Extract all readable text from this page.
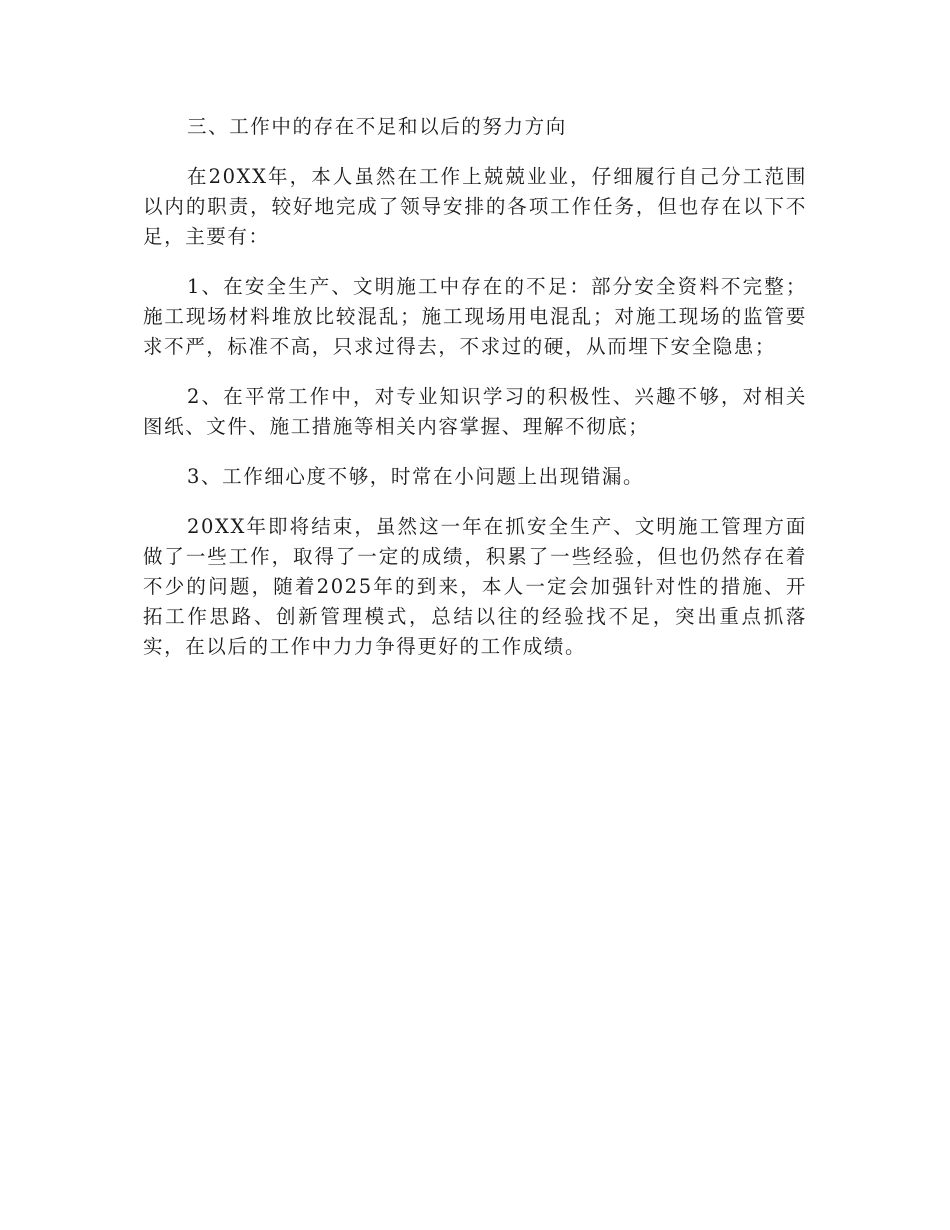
三、工作中的存在不足和以后的努力方向

在20XX年，本人虽然在工作上兢兢业业，仔细履行自己分工范围以内的职责，较好地完成了领导安排的各项工作任务，但也存在以下不足，主要有：

1、在安全生产、文明施工中存在的不足：部分安全资料不完整；施工现场材料堆放比较混乱；施工现场用电混乱；对施工现场的监管要求不严，标准不高，只求过得去，不求过的硬，从而埋下安全隐患；

2、在平常工作中，对专业知识学习的积极性、兴趣不够，对相关图纸、文件、施工措施等相关内容掌握、理解不彻底；

3、工作细心度不够，时常在小问题上出现错漏。

20XX年即将结束，虽然这一年在抓安全生产、文明施工管理方面做了一些工作，取得了一定的成绩，积累了一些经验，但也仍然存在着不少的问题，随着2025年的到来，本人一定会加强针对性的措施、开拓工作思路、创新管理模式，总结以往的经验找不足，突出重点抓落实，在以后的工作中力力争得更好的工作成绩。
